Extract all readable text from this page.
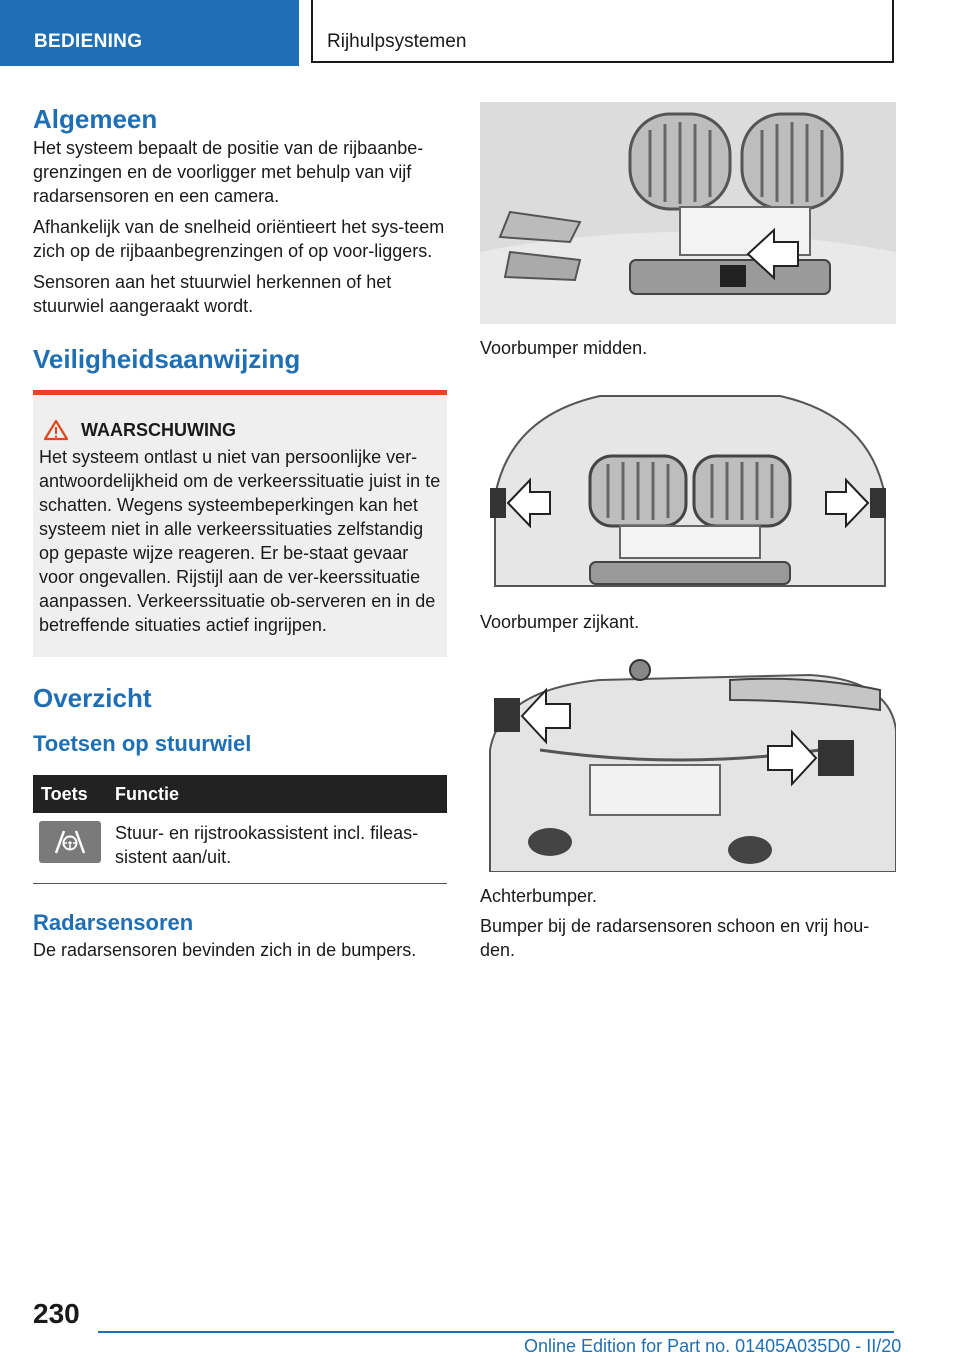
BEDIENING	Rijhulpsystemen
Algemeen

Het systeem bepaalt de positie van de rijbaanbe-grenzingen en de voorligger met behulp van vijf radarsensoren en een camera.

Afhankelijk van de snelheid oriëntieert het sys-teem zich op de rijbaanbegrenzingen of op voor-liggers.

Sensoren aan het stuurwiel herkennen of het stuurwiel aangeraakt wordt.

Veiligheidsaanwijzing
WAARSCHUWING

Het systeem ontlast u niet van persoonlijke ver-antwoordelijkheid om de verkeerssituatie juist in te schatten. Wegens systeembeperkingen kan het systeem niet in alle verkeerssituaties zelfstandig op gepaste wijze reageren. Er be-staat gevaar voor ongevallen. Rijstijl aan de ver-keerssituatie aanpassen. Verkeerssituatie ob-serveren en in de betreffende situaties actief ingrijpen.

Overzicht
Toetsen op stuurwiel
Toets	Functie

	Stuur- en rijstrookassistent incl. fileas-sistent aan/uit.
Radarsensoren

De radarsensoren bevinden zich in de bumpers.

Voorbumper midden.
Voorbumper zijkant.
Achterbumper.

Bumper bij de radarsensoren schoon en vrij hou-den.

230
Online Edition for Part no. 01405A035D0 - II/20
